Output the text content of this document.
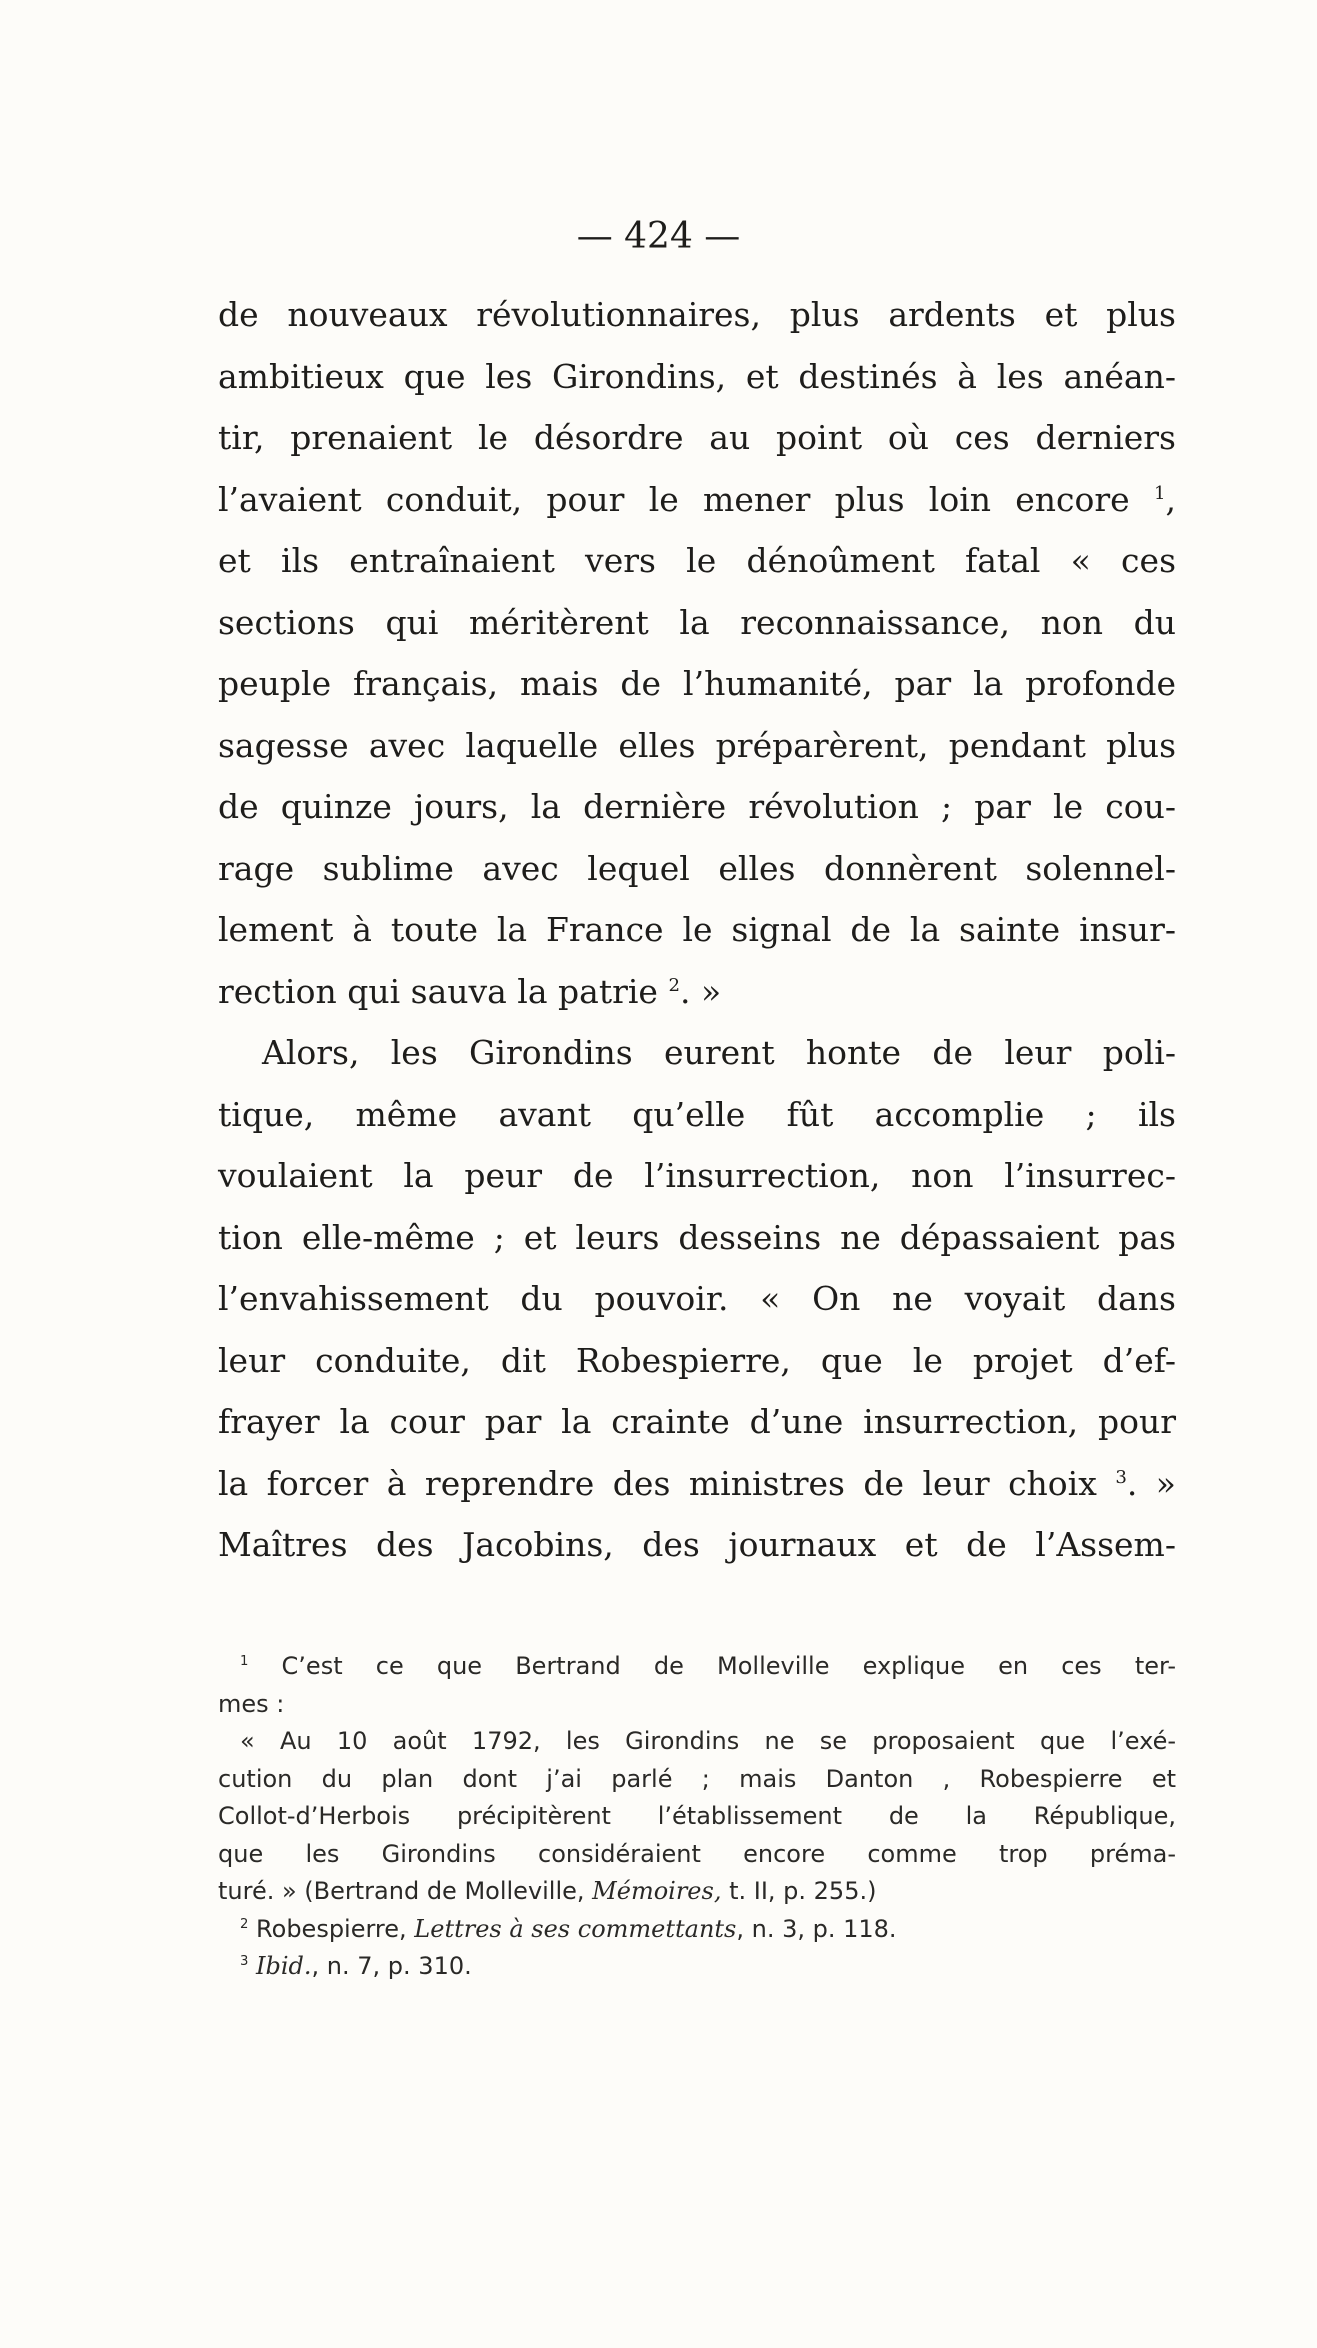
— 424 —
de nouveaux révolutionnaires, plus ardents et plus
ambitieux que les Girondins, et destinés à les anéan-
tir, prenaient le désordre au point où ces derniers
l’avaient conduit, pour le mener plus loin encore $^1$,
et ils entraînaient vers le dénoûment fatal « ces
sections qui méritèrent la reconnaissance, non du
peuple français, mais de l’humanité, par la profonde
sagesse avec laquelle elles préparèrent, pendant plus
de quinze jours, la dernière révolution ; par le cou-
rage sublime avec lequel elles donnèrent solennel-
lement à toute la France le signal de la sainte insur-
rection qui sauva la patrie $^2$. »
Alors, les Girondins eurent honte de leur poli-
tique, même avant qu’elle fût accomplie ; ils
voulaient la peur de l’insurrection, non l’insurrec-
tion elle-même ; et leurs desseins ne dépassaient pas
l’envahissement du pouvoir. « On ne voyait dans
leur conduite, dit Robespierre, que le projet d’ef-
frayer la cour par la crainte d’une insurrection, pour
la forcer à reprendre des ministres de leur choix $^3$. »
Maîtres des Jacobins, des journaux et de l’Assem-
$^1$ C’est ce que Bertrand de Molleville explique en ces ter-
mes :
« Au 10 août 1792, les Girondins ne se proposaient que l’exé-
cution du plan dont j’ai parlé ; mais Danton , Robespierre et
Collot-d’Herbois précipitèrent l’établissement de la République,
que les Girondins considéraient encore comme trop préma-
turé. » (Bertrand de Molleville, Mémoires, t. II, p. 255.)
$^2$ Robespierre, Lettres à ses commettants, n. 3, p. 118.
$^3$ Ibid., n. 7, p. 310.
